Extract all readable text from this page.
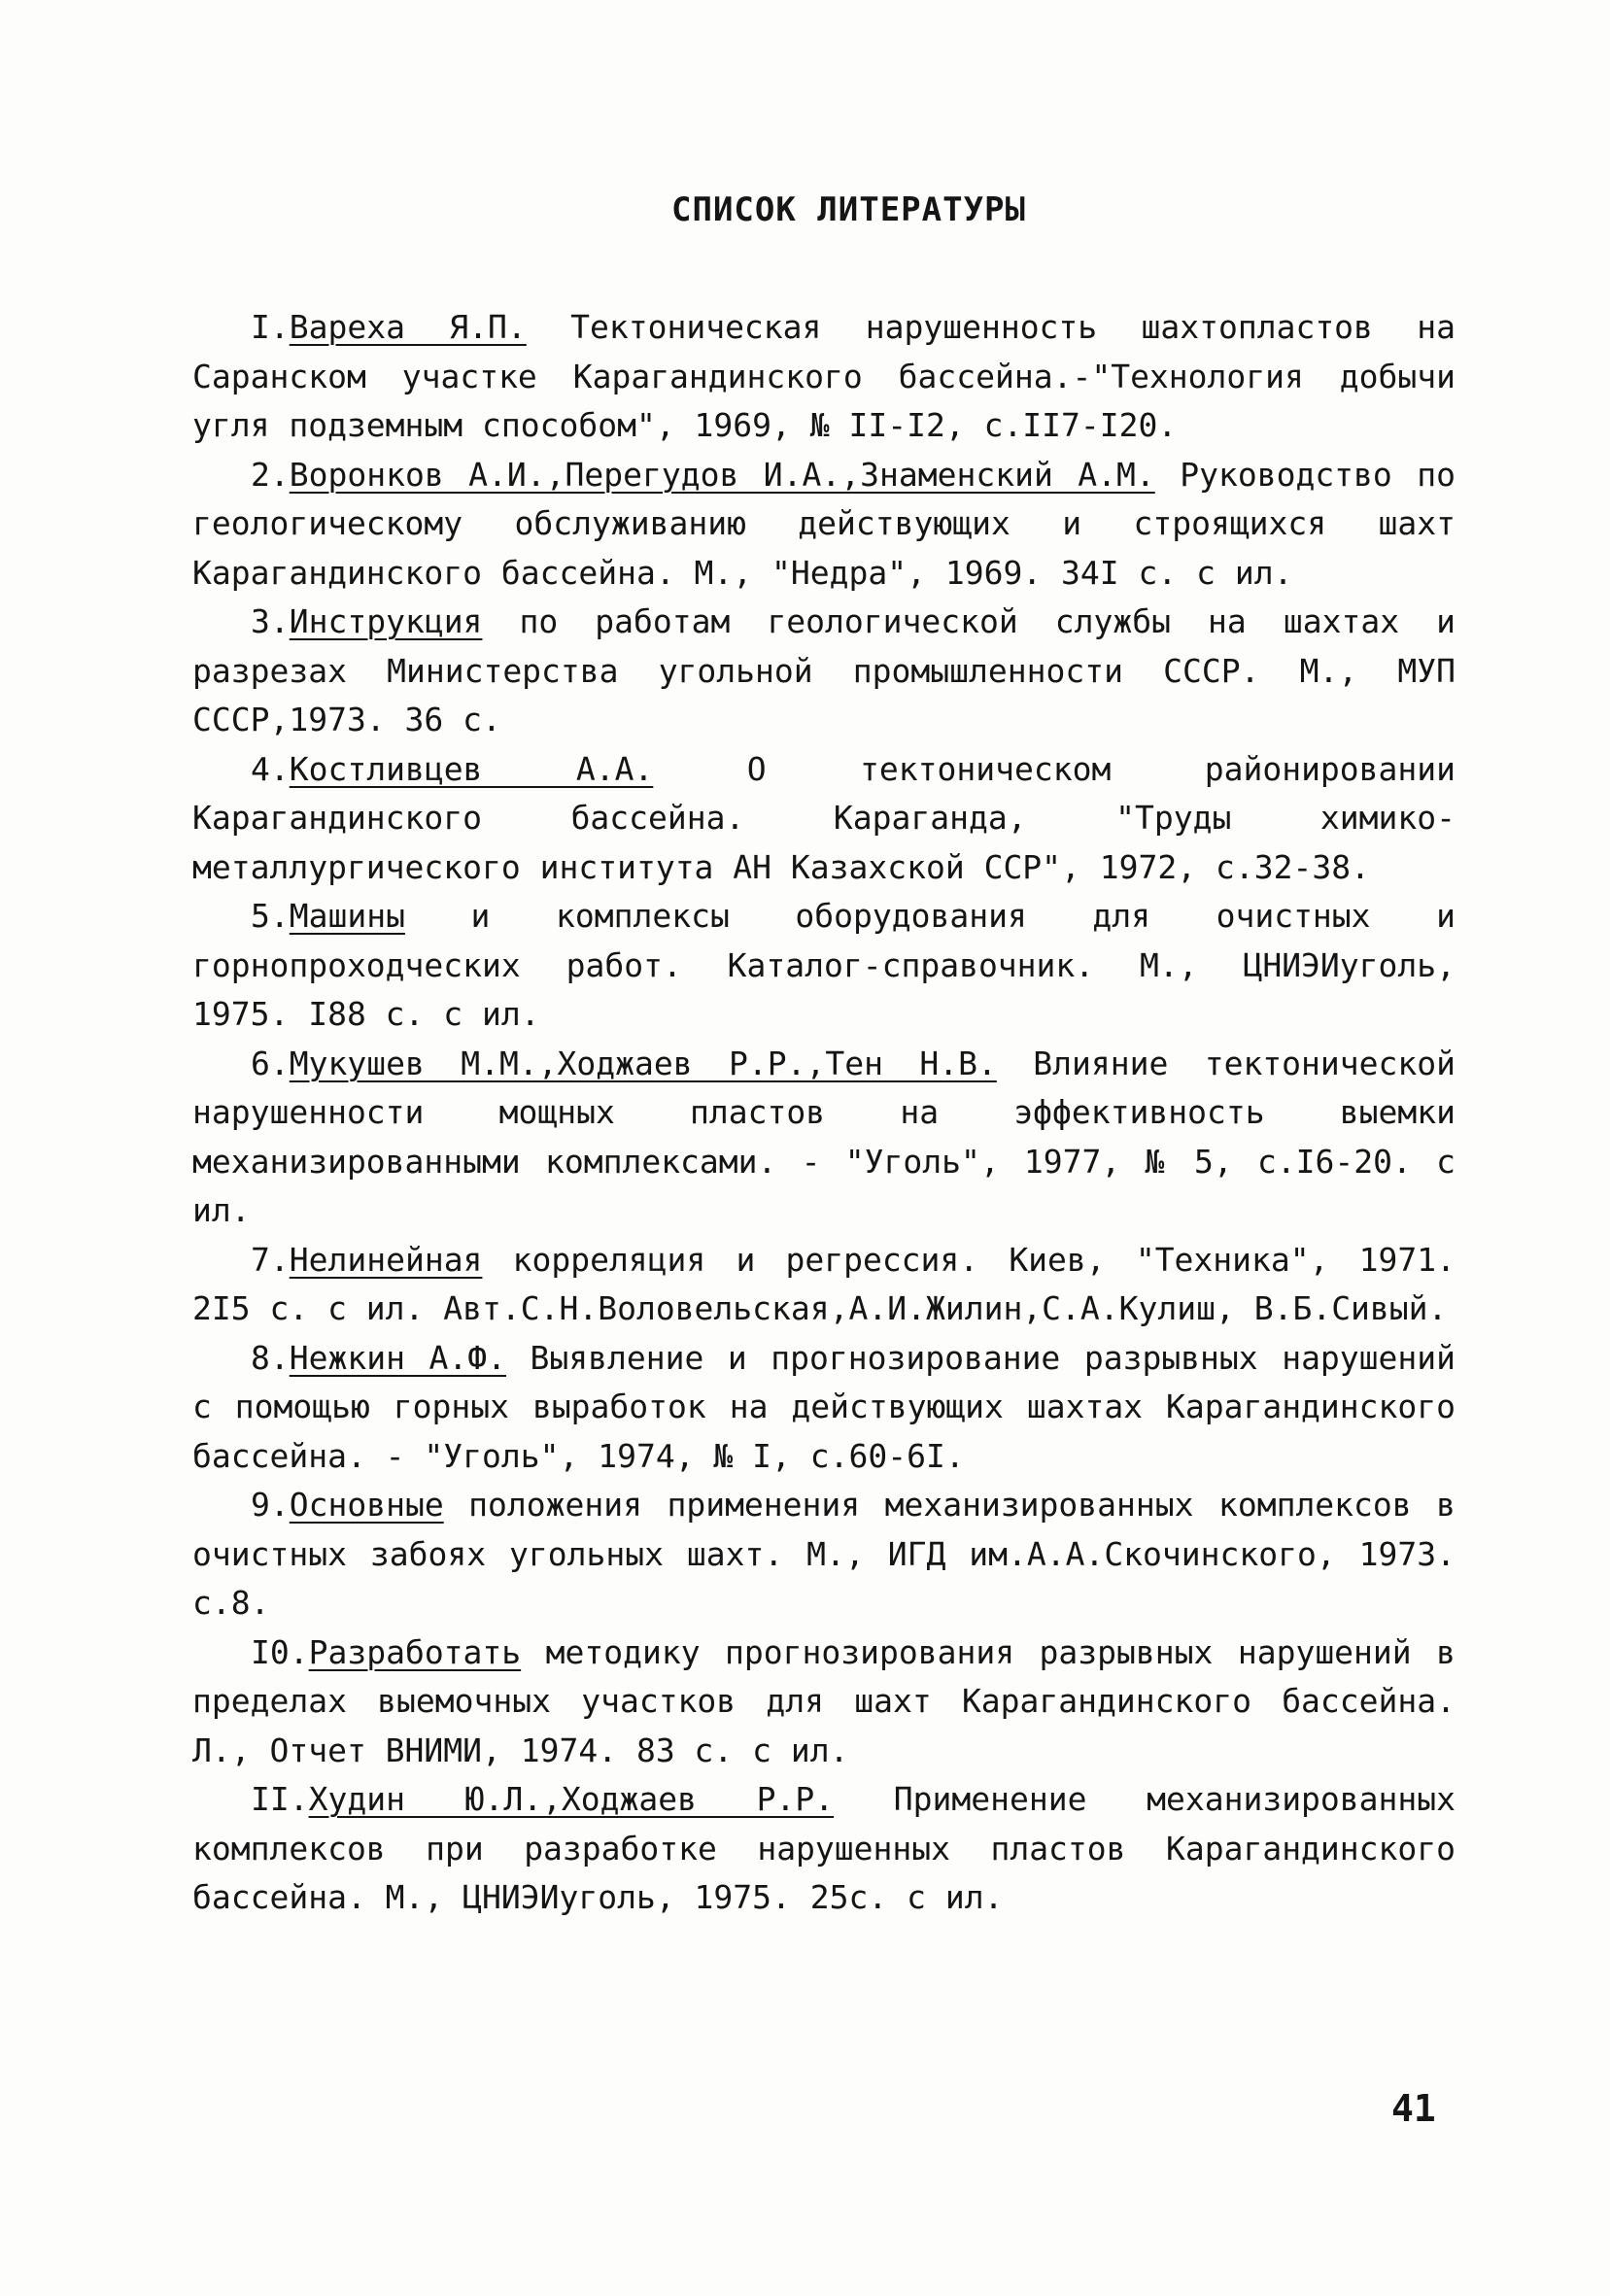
СПИСОК ЛИТЕРАТУРЫ

I.Вареха Я.П. Тектоническая нарушенность шахтопластов на Саранском участке Карагандинского бассейна.-"Технология добычи угля подземным способом", 1969, № II-I2, с.II7-I20.

2.Воронков А.И.,Перегудов И.А.,Знаменский А.М. Руководство по геологическому обслуживанию действующих и строящихся шахт Карагандинского бассейна. М., "Недра", 1969. 34I с. с ил.

3.Инструкция по работам геологической службы на шахтах и разрезах Министерства угольной промышленности СССР. М., МУП СССР,1973. 36 с.

4.Костливцев А.А. О тектоническом районировании Карагандинского бассейна. Караганда, "Труды химико-металлургического института АН Казахской ССР", 1972, с.32-38.

5.Машины и комплексы оборудования для очистных и горнопроходческих работ. Каталог-справочник. М., ЦНИЭИуголь, 1975. I88 с. с ил.

6.Мукушев М.М.,Ходжаев Р.Р.,Тен Н.В. Влияние тектонической нарушенности мощных пластов на эффективность выемки механизированными комплексами. - "Уголь", 1977, № 5, с.I6-20. с ил.

7.Нелинейная корреляция и регрессия. Киев, "Техника", 1971. 2I5 с. с ил. Авт.С.Н.Воловельская,А.И.Жилин,С.А.Кулиш, В.Б.Сивый.

8.Нежкин А.Ф. Выявление и прогнозирование разрывных нарушений с помощью горных выработок на действующих шахтах Карагандинского бассейна. - "Уголь", 1974, № I, с.60-6I.

9.Основные положения применения механизированных комплексов в очистных забоях угольных шахт. М., ИГД им.А.А.Скочинского, 1973. с.8.

I0.Разработать методику прогнозирования разрывных нарушений в пределах выемочных участков для шахт Карагандинского бассейна. Л., Отчет ВНИМИ, 1974. 83 с. с ил.

II.Худин Ю.Л.,Ходжаев Р.Р. Применение механизированных комплексов при разработке нарушенных пластов Карагандинского бассейна. М., ЦНИЭИуголь, 1975. 25с. с ил.

41
